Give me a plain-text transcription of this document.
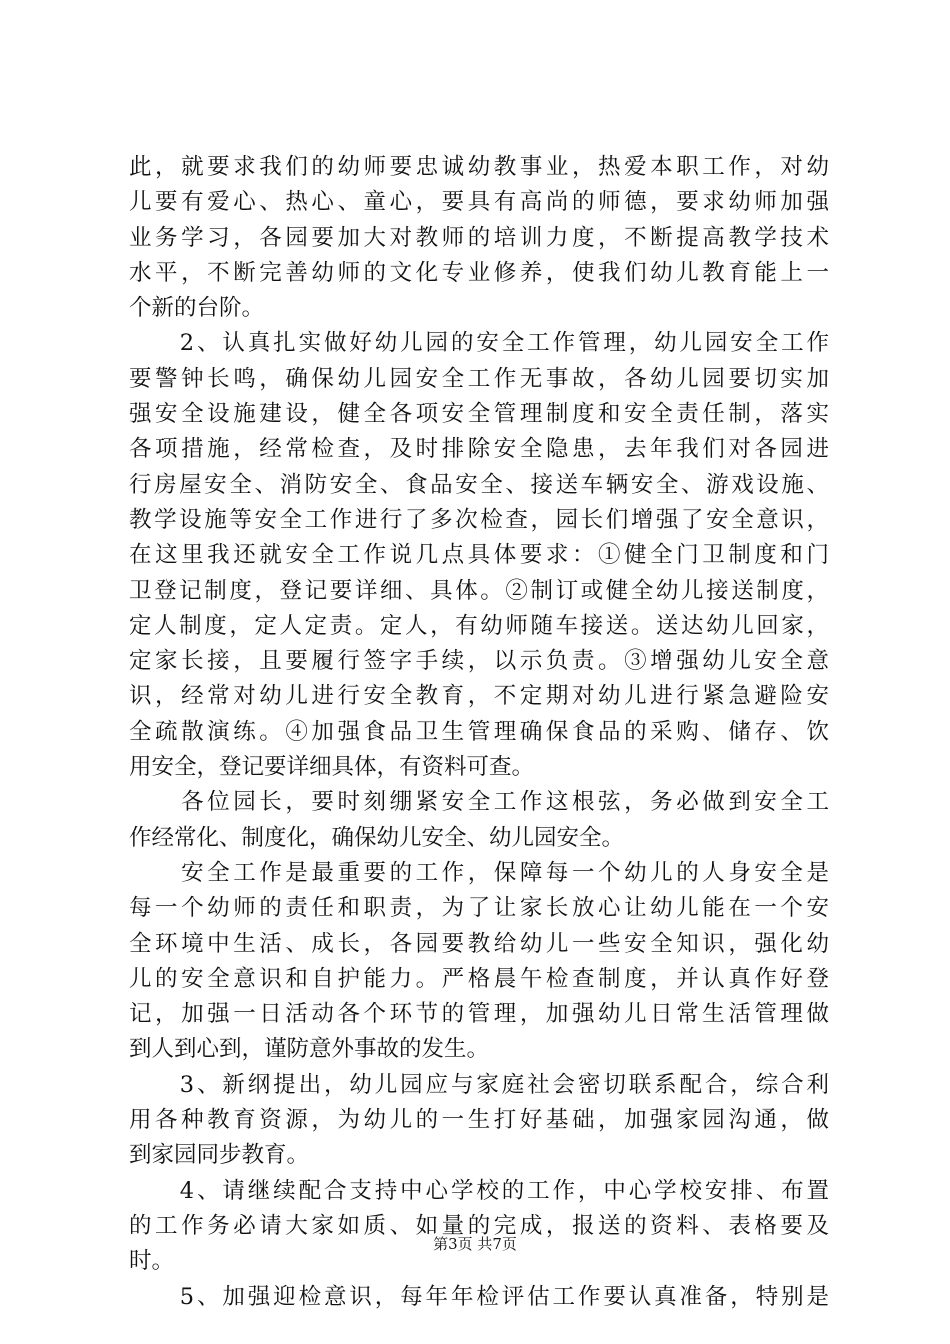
此，就要求我们的幼师要忠诚幼教事业，热爱本职工作，对幼
儿要有爱心、热心、童心，要具有高尚的师德，要求幼师加强
业务学习，各园要加大对教师的培训力度，不断提高教学技术
水平，不断完善幼师的文化专业修养，使我们幼儿教育能上一
个新的台阶。
　　2、认真扎实做好幼儿园的安全工作管理，幼儿园安全工作
要警钟长鸣，确保幼儿园安全工作无事故，各幼儿园要切实加
强安全设施建设，健全各项安全管理制度和安全责任制，落实
各项措施，经常检查，及时排除安全隐患，去年我们对各园进
行房屋安全、消防安全、食品安全、接送车辆安全、游戏设施、
教学设施等安全工作进行了多次检查，园长们增强了安全意识，
在这里我还就安全工作说几点具体要求：①健全门卫制度和门
卫登记制度，登记要详细、具体。②制订或健全幼儿接送制度，
定人制度，定人定责。定人，有幼师随车接送。送达幼儿回家，
定家长接，且要履行签字手续，以示负责。③增强幼儿安全意
识，经常对幼儿进行安全教育，不定期对幼儿进行紧急避险安
全疏散演练。④加强食品卫生管理确保食品的采购、储存、饮
用安全，登记要详细具体，有资料可查。
　　各位园长，要时刻绷紧安全工作这根弦，务必做到安全工
作经常化、制度化，确保幼儿安全、幼儿园安全。
　　安全工作是最重要的工作，保障每一个幼儿的人身安全是
每一个幼师的责任和职责，为了让家长放心让幼儿能在一个安
全环境中生活、成长，各园要教给幼儿一些安全知识，强化幼
儿的安全意识和自护能力。严格晨午检查制度，并认真作好登
记，加强一日活动各个环节的管理，加强幼儿日常生活管理做
到人到心到，谨防意外事故的发生。
　　3、新纲提出，幼儿园应与家庭社会密切联系配合，综合利
用各种教育资源，为幼儿的一生打好基础，加强家园沟通，做
到家园同步教育。
　　4、请继续配合支持中心学校的工作，中心学校安排、布置
的工作务必请大家如质、如量的完成，报送的资料、表格要及
时。
　　5、加强迎检意识，每年年检评估工作要认真准备，特别是
第3页 共7页
